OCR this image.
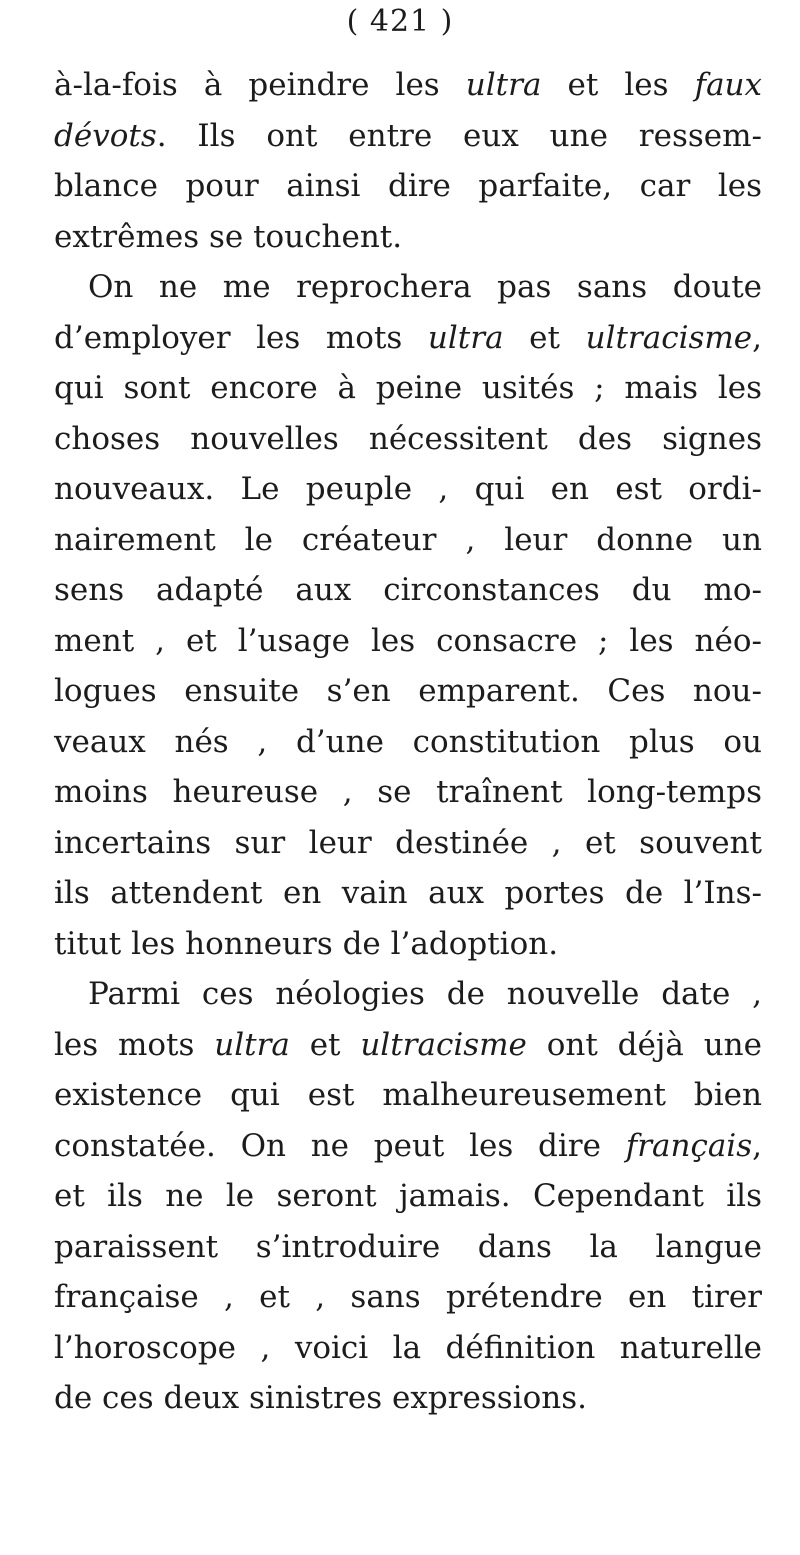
( 421 )
à-la-fois à peindre les ultra et les faux
dévots. Ils ont entre eux une ressem-
blance pour ainsi dire parfaite, car les
extrêmes se touchent.
On ne me reprochera pas sans doute
d’employer les mots ultra et ultracisme,
qui sont encore à peine usités ; mais les
choses nouvelles nécessitent des signes
nouveaux. Le peuple , qui en est ordi-
nairement le créateur , leur donne un
sens adapté aux circonstances du mo-
ment , et l’usage les consacre ; les néo-
logues ensuite s’en emparent. Ces nou-
veaux nés , d’une constitution plus ou
moins heureuse , se traînent long-temps
incertains sur leur destinée , et souvent
ils attendent en vain aux portes de l’Ins-
titut les honneurs de l’adoption.
Parmi ces néologies de nouvelle date ,
les mots ultra et ultracisme ont déjà une
existence qui est malheureusement bien
constatée. On ne peut les dire français,
et ils ne le seront jamais. Cependant ils
paraissent s’introduire dans la langue
française , et , sans prétendre en tirer
l’horoscope , voici la définition naturelle
de ces deux sinistres expressions.
